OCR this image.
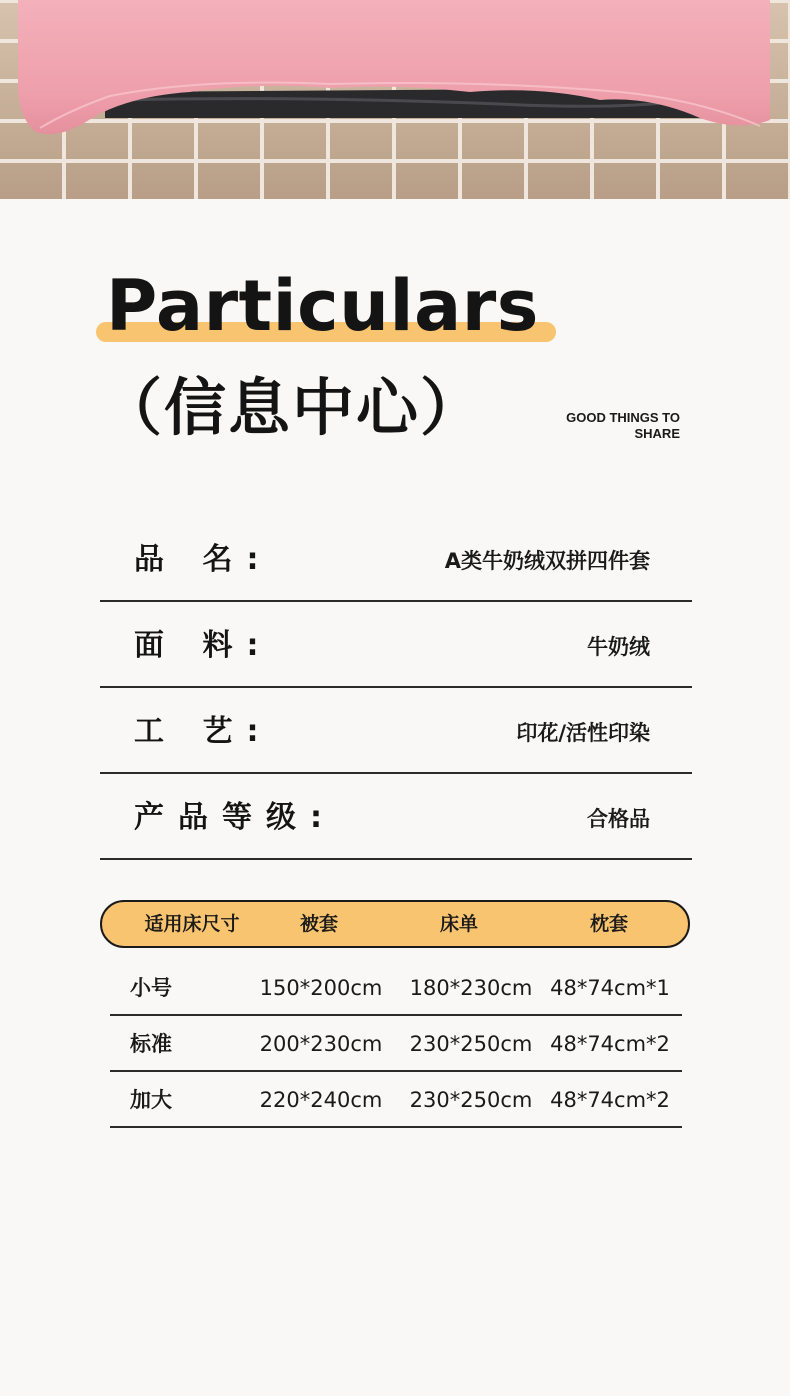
Particulars
（信息中心）	GOOD THINGS TO
SHARE
品 名:	A类牛奶绒双拼四件套
面 料:	牛奶绒
工 艺:	印花/活性印染
产品等级:	合格品
适用床尺寸	被套	床单	枕套
小号	150*200cm	180*230cm 48*74cm*1
标准	200*230cm	230*250cm 48*74cm*2
加大	220*240cm	230*250cm 48*74cm*2
